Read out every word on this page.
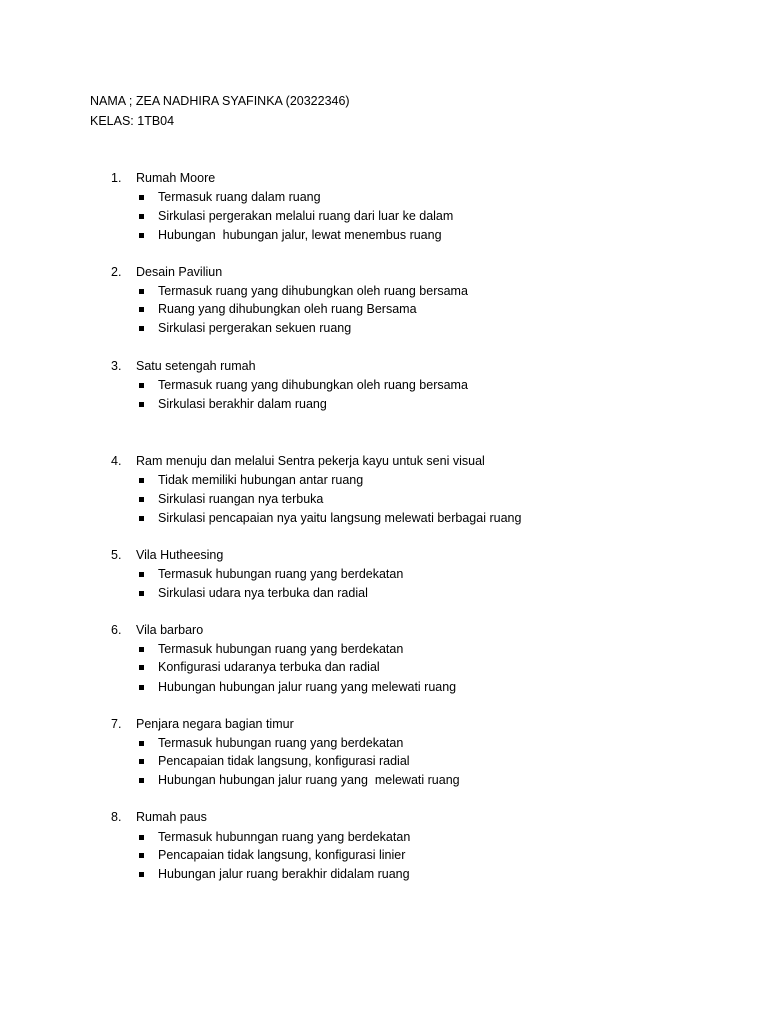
NAMA ; ZEA NADHIRA SYAFINKA (20322346)
KELAS: 1TB04
1. Rumah Moore
Termasuk ruang dalam ruang
Sirkulasi pergerakan melalui ruang dari luar ke dalam
Hubungan  hubungan jalur, lewat menembus ruang
2. Desain Paviliun
Termasuk ruang yang dihubungkan oleh ruang bersama
Ruang yang dihubungkan oleh ruang Bersama
Sirkulasi pergerakan sekuen ruang
3. Satu setengah rumah
Termasuk ruang yang dihubungkan oleh ruang bersama
Sirkulasi berakhir dalam ruang
4. Ram menuju dan melalui Sentra pekerja kayu untuk seni visual
Tidak memiliki hubungan antar ruang
Sirkulasi ruangan nya terbuka
Sirkulasi pencapaian nya yaitu langsung melewati berbagai ruang
5. Vila Hutheesing
Termasuk hubungan ruang yang berdekatan
Sirkulasi udara nya terbuka dan radial
6. Vila barbaro
Termasuk hubungan ruang yang berdekatan
Konfigurasi udaranya terbuka dan radial
Hubungan hubungan jalur ruang yang melewati ruang
7. Penjara negara bagian timur
Termasuk hubungan ruang yang berdekatan
Pencapaian tidak langsung, konfigurasi radial
Hubungan hubungan jalur ruang yang  melewati ruang
8. Rumah paus
Termasuk hubunngan ruang yang berdekatan
Pencapaian tidak langsung, konfigurasi linier
Hubungan jalur ruang berakhir didalam ruang
